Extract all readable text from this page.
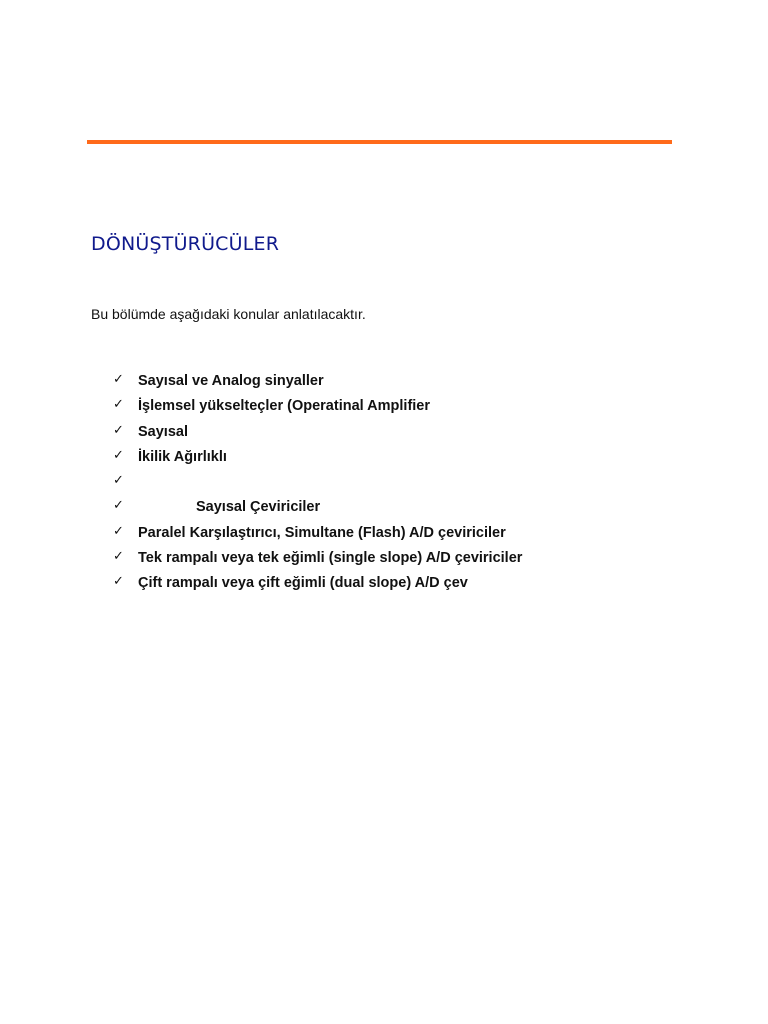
DÖNÜŞTÜRÜCÜLER
Bu bölümde aşağıdaki konular anlatılacaktır.
✓ Sayısal ve Analog sinyaller
✓ İşlemsel yükselteçler (Operatinal Amplifier
✓ Sayısal
✓ İkilik Ağırlıklı
✓
✓	Sayısal Çeviriciler
✓ Paralel Karşılaştırıcı, Simultane (Flash) A/D çeviriciler
✓ Tek rampalı veya tek eğimli (single slope) A/D çeviriciler
✓ Çift rampalı veya çift eğimli (dual slope) A/D çev
